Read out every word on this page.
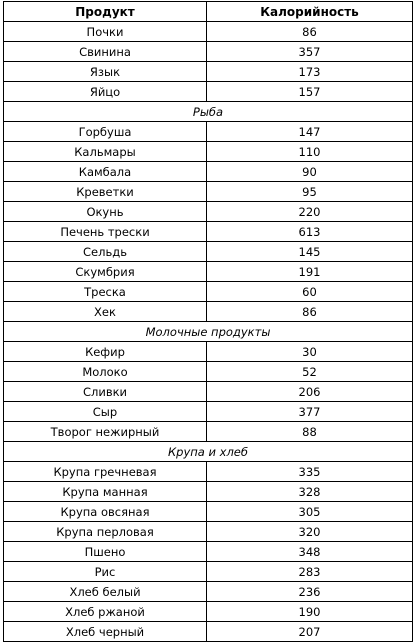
Продукт	Калорийность
Почки	86
Свинина	357
Язык	173
Яйцо	157
Рыба	
Горбуша	147
Кальмары	110
Камбала	90
Креветки	95
Окунь	220
Печень трески	613
Сельдь	145
Скумбрия	191
Треска	60
Хек	86
Молочные продукты	
Кефир	30
Молоко	52
Сливки	206
Сыр	377
Творог нежирный	88
Крупа и хлеб	
Крупа гречневая	335
Крупа манная	328
Крупа овсяная	305
Крупа перловая	320
Пшено	348
Рис	283
Хлеб белый	236
Хлеб ржаной	190
Хлеб черный	207
